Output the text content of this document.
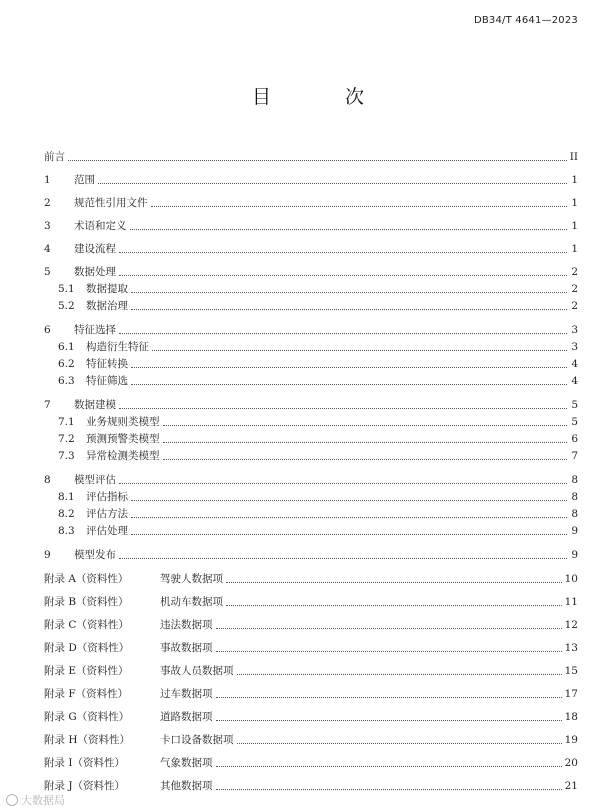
DB34/T 4641—2023
目 次
前言	II
1	范围	1
2	规范性引用文件	1
3	术语和定义	1
4	建设流程	1
5	数据处理	2
5.1	数据提取	2
5.2	数据治理	2
6	特征选择	3
6.1	构造衍生特征	3
6.2	特征转换	4
6.3	特征筛选	4
7	数据建模	5
7.1	业务规则类模型	5
7.2	预测预警类模型	6
7.3	异常检测类模型	7
8	模型评估	8
8.1	评估指标	8
8.2	评估方法	8
8.3	评估处理	9
9	模型发布	9
附录 A（资料性）	驾驶人数据项	10
附录 B（资料性）	机动车数据项	11
附录 C（资料性）	违法数据项	12
附录 D（资料性）	事故数据项	13
附录 E（资料性）	事故人员数据项	15
附录 F（资料性）	过车数据项	17
附录 G（资料性）	道路数据项	18
附录 H（资料性）	卡口设备数据项	19
附录 I（资料性）	气象数据项	20
附录 J（资料性）	其他数据项	21
大数据局
